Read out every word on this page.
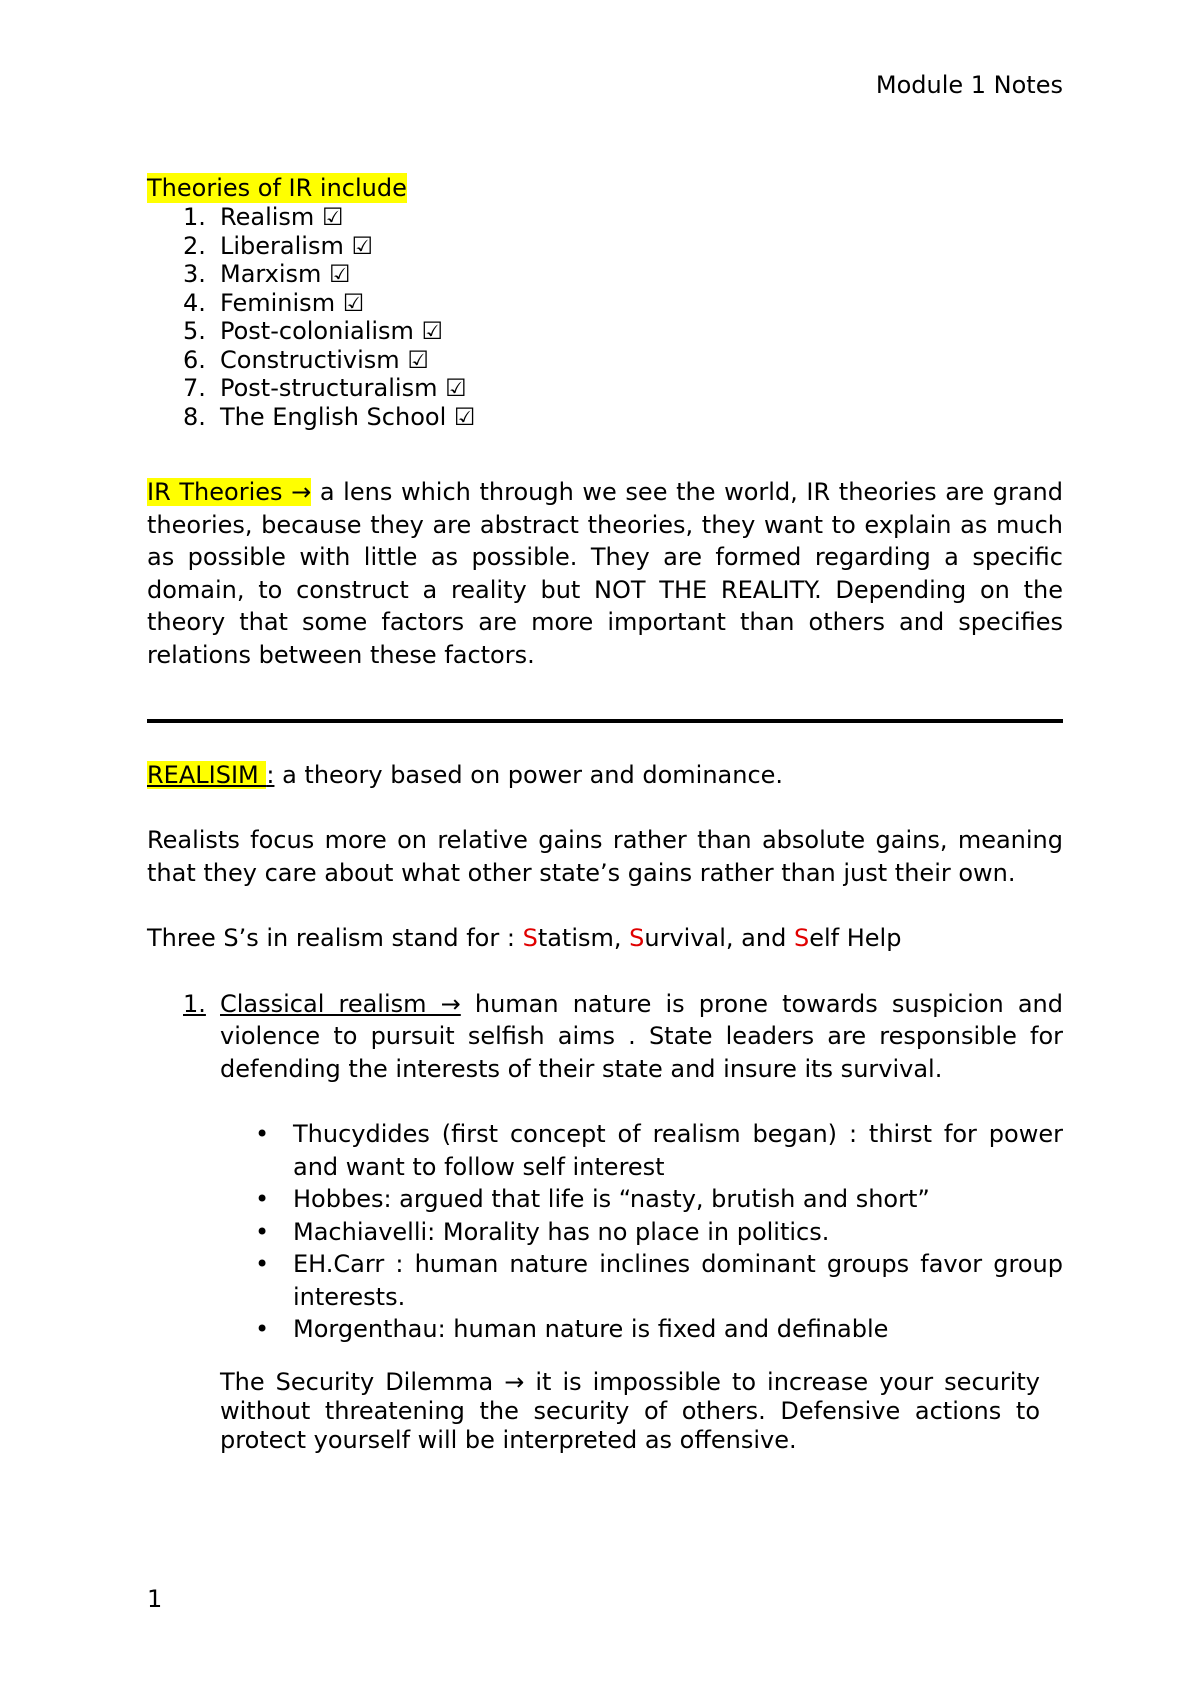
Module 1 Notes
Theories of IR include
1. Realism ☑
2. Liberalism ☑
3. Marxism ☑
4. Feminism ☑
5. Post-colonialism ☑
6. Constructivism ☑
7. Post-structuralism ☑
8. The English School ☑

IR Theories → a lens which through we see the world, IR theories are grand theories, because they are abstract theories, they want to explain as much as possible with little as possible. They are formed regarding a specific domain, to construct a reality but NOT THE REALITY. Depending on the theory that some factors are more important than others and specifies relations between these factors.

REALISIM : a theory based on power and dominance.

Realists focus more on relative gains rather than absolute gains, meaning that they care about what other state’s gains rather than just their own.

Three S’s in realism stand for : Statism, Survival, and Self Help

1. Classical realism → human nature is prone towards suspicion and violence to pursuit selfish aims . State leaders are responsible for defending the interests of their state and insure its survival.

• Thucydides (first concept of realism began) : thirst for power and want to follow self interest
• Hobbes: argued that life is “nasty, brutish and short”
• Machiavelli: Morality has no place in politics.
• EH.Carr : human nature inclines dominant groups favor group interests.
• Morgenthau: human nature is fixed and definable

The Security Dilemma → it is impossible to increase your security without threatening the security of others. Defensive actions to protect yourself will be interpreted as offensive.

1
